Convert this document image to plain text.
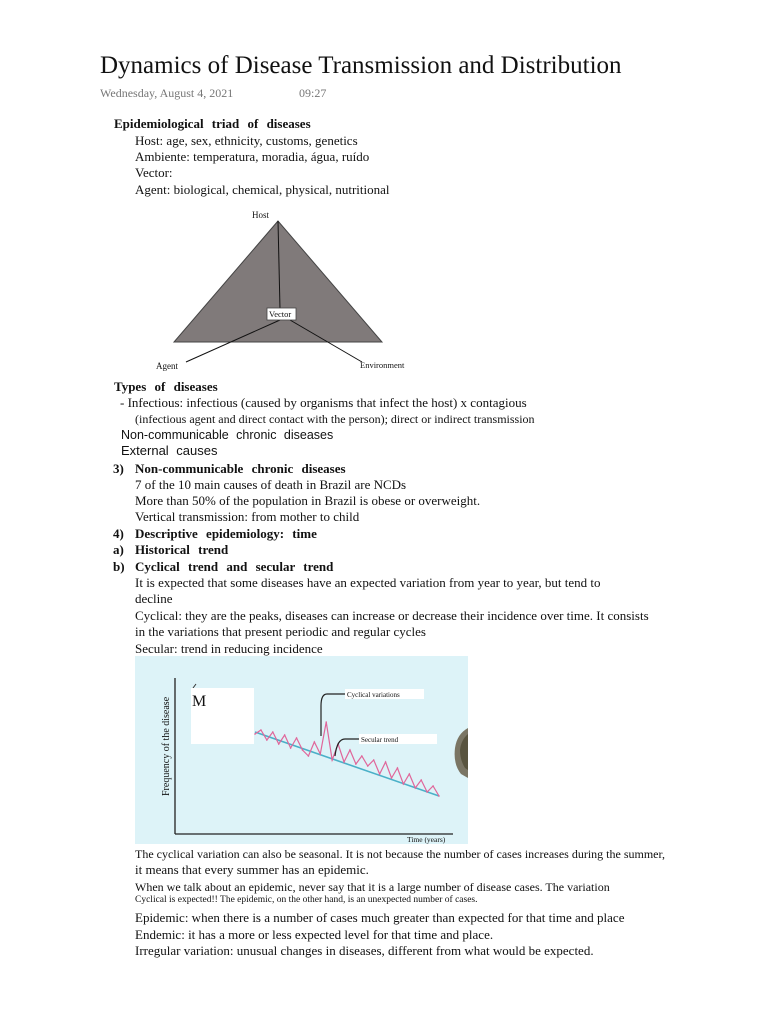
Dynamics of Disease Transmission and Distribution
Wednesday, August 4, 2021	09:27
Epidemiological triad of diseases
Host: age, sex, ethnicity, customs, genetics
Ambiente: temperatura, moradia, água, ruído
Vector:
Agent: biological, chemical, physical, nutritional
Host
Vector
Agent	Environment
Types of diseases
- Infectious: infectious (caused by organisms that infect the host) x contagious
(infectious agent and direct contact with the person); direct or indirect transmission
Non-communicable chronic diseases
External causes
3) Non-communicable chronic diseases
7 of the 10 main causes of death in Brazil are NCDs
More than 50% of the population in Brazil is obese or overweight.
Vertical transmission: from mother to child
4) Descriptive epidemiology: time
a) Historical trend
b) Cyclical trend and secular trend
It is expected that some diseases have an expected variation from year to year, but tend to
decline
Cyclical: they are the peaks, diseases can increase or decrease their incidence over time. It consists
in the variations that present periodic and regular cycles
Secular: trend in reducing incidence
Frequency of the disease
Time (years)
M	Cyclical variations
Secular trend
The cyclical variation can also be seasonal. It is not because the number of cases increases during the summer,
it means that every summer has an epidemic.
When we talk about an epidemic, never say that it is a large number of disease cases. The variation
Cyclical is expected!! The epidemic, on the other hand, is an unexpected number of cases.
Epidemic: when there is a number of cases much greater than expected for that time and place
Endemic: it has a more or less expected level for that time and place.
Irregular variation: unusual changes in diseases, different from what would be expected.
